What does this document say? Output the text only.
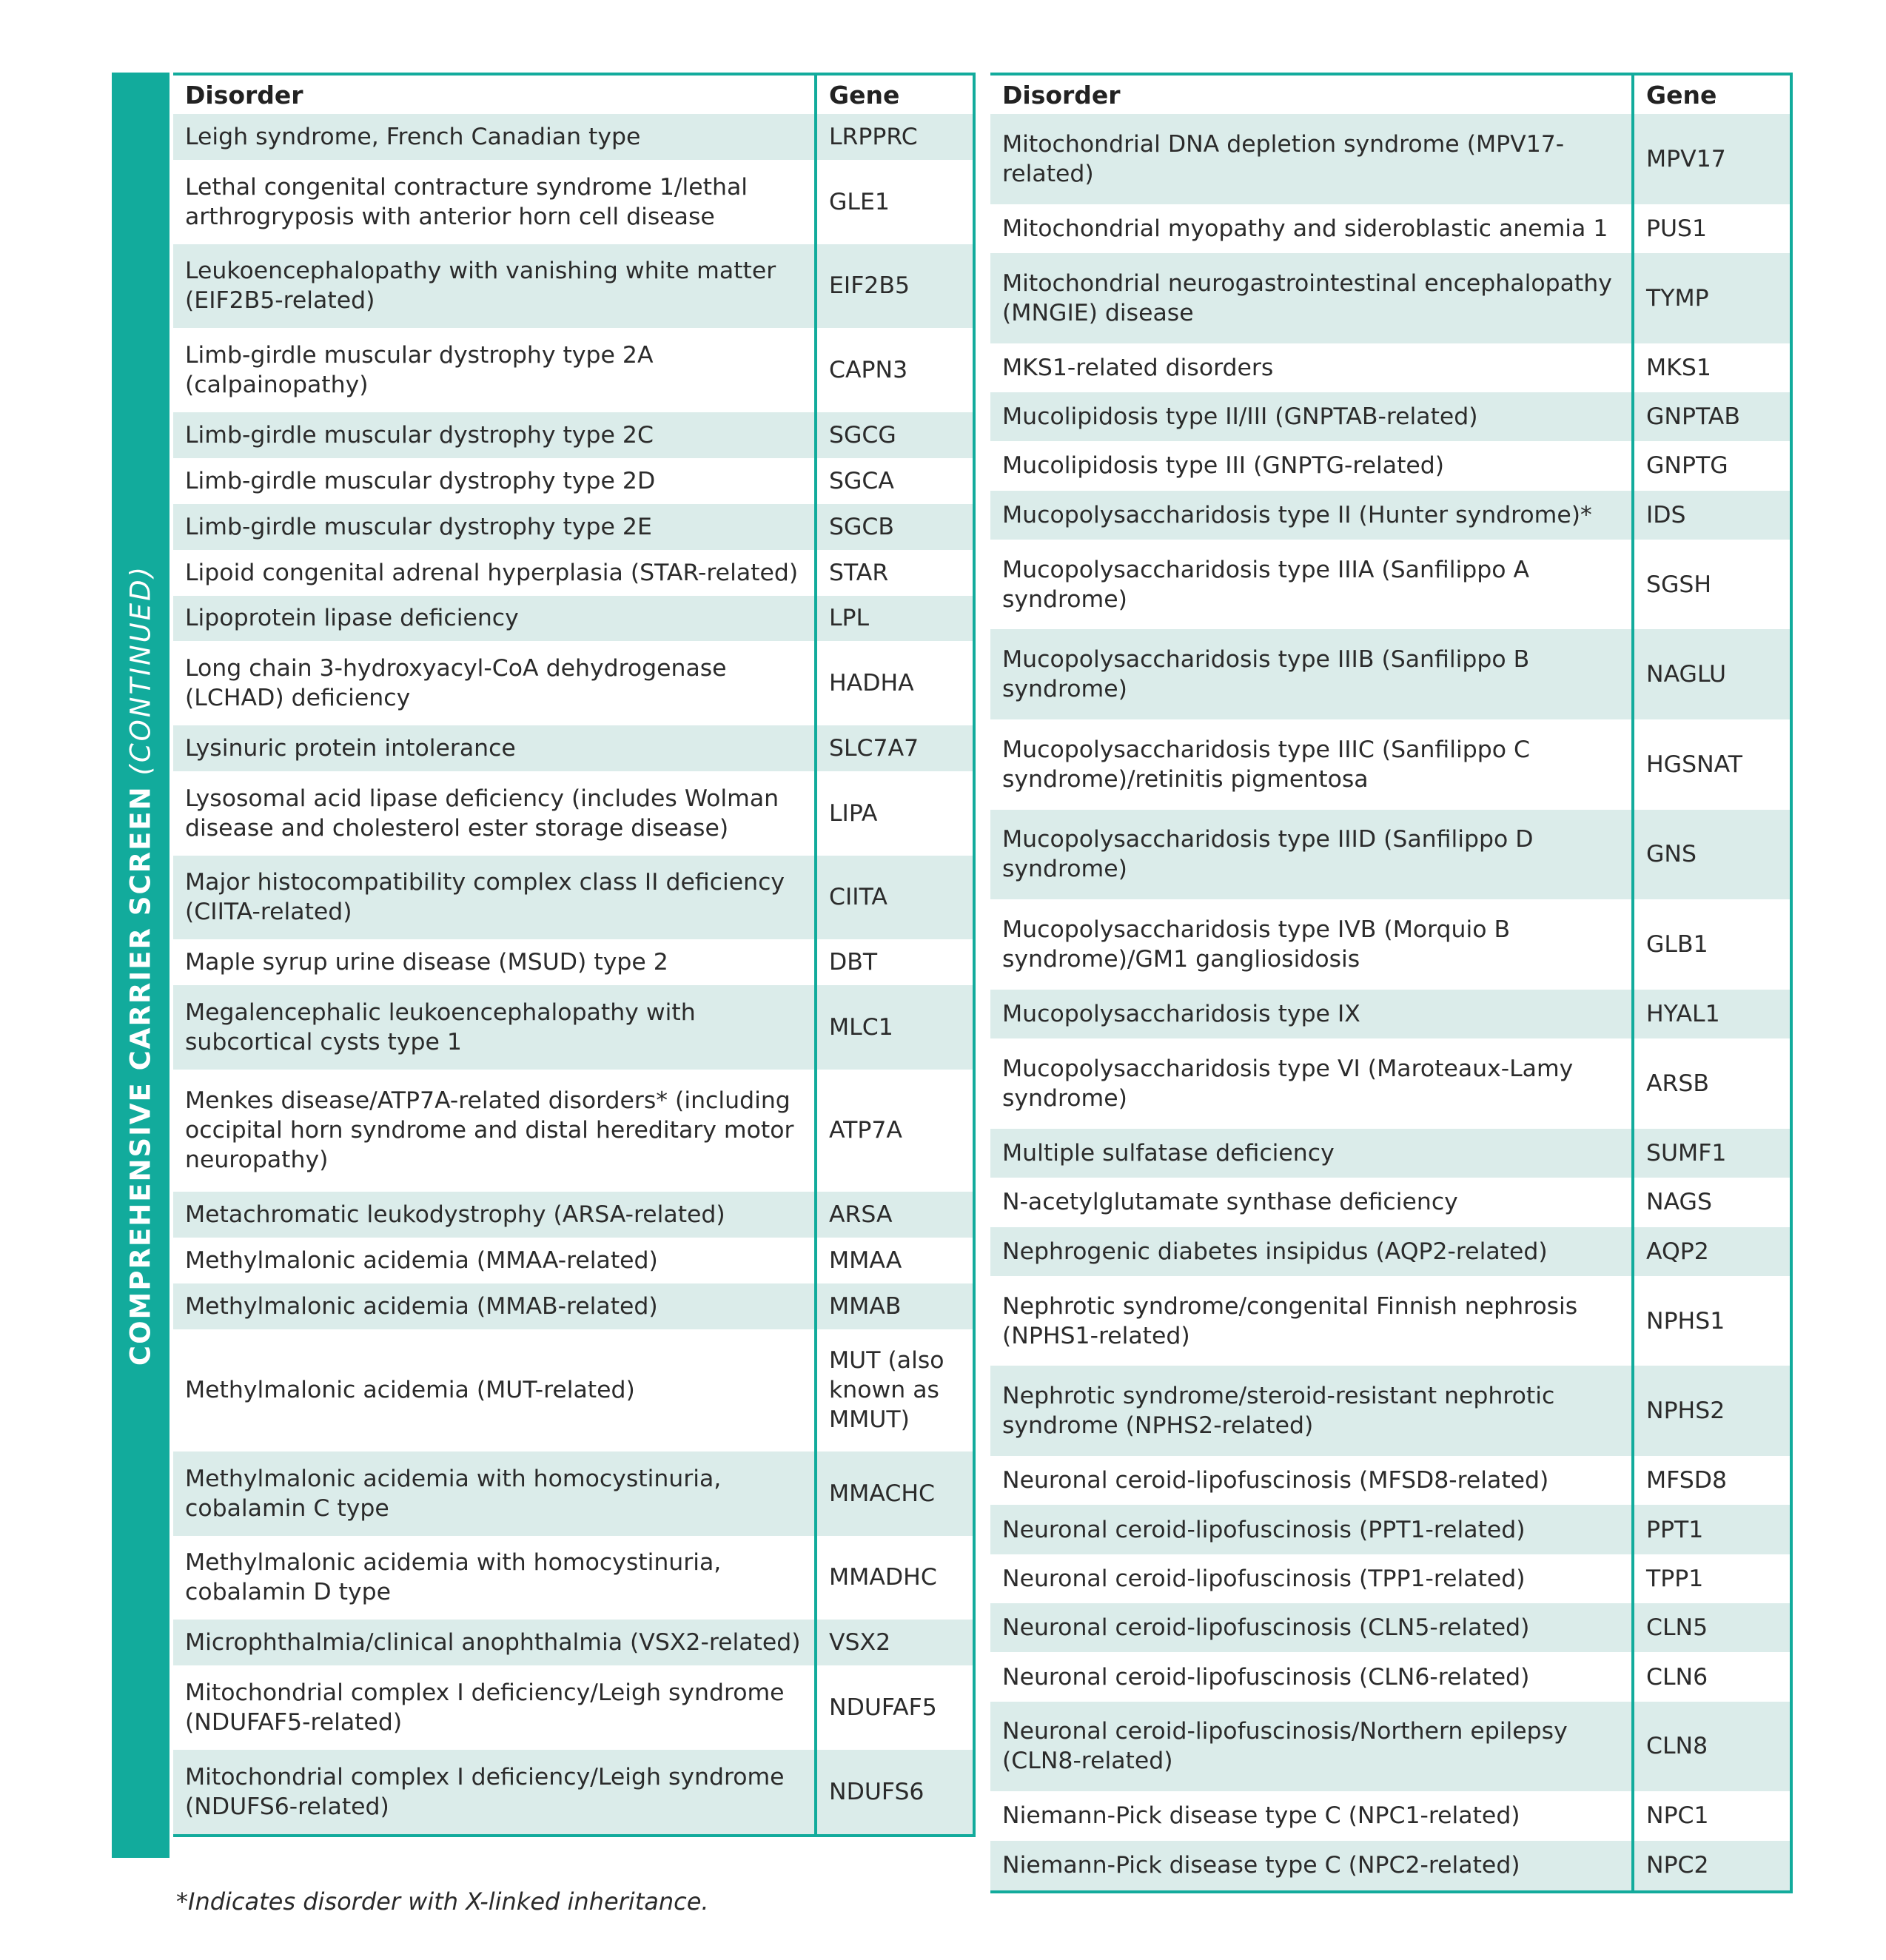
COMPREHENSIVE CARRIER SCREEN (CONTINUED)
Disorder	Gene
Leigh syndrome, French Canadian type	LRPPRC
Lethal congenital contracture syndrome 1/lethal arthrogryposis with anterior horn cell disease	GLE1
Leukoencephalopathy with vanishing white matter (EIF2B5-related)	EIF2B5
Limb-girdle muscular dystrophy type 2A (calpainopathy)	CAPN3
Limb-girdle muscular dystrophy type 2C	SGCG
Limb-girdle muscular dystrophy type 2D	SGCA
Limb-girdle muscular dystrophy type 2E	SGCB
Lipoid congenital adrenal hyperplasia (STAR-related)	STAR
Lipoprotein lipase deficiency	LPL
Long chain 3-hydroxyacyl-CoA dehydrogenase (LCHAD) deficiency	HADHA
Lysinuric protein intolerance	SLC7A7
Lysosomal acid lipase deficiency (includes Wolman disease and cholesterol ester storage disease)	LIPA
Major histocompatibility complex class II deficiency (CIITA-related)	CIITA
Maple syrup urine disease (MSUD) type 2	DBT
Megalencephalic leukoencephalopathy with subcortical cysts type 1	MLC1
Menkes disease/ATP7A-related disorders* (including occipital horn syndrome and distal hereditary motor neuropathy)	ATP7A
Metachromatic leukodystrophy (ARSA-related)	ARSA
Methylmalonic acidemia (MMAA-related)	MMAA
Methylmalonic acidemia (MMAB-related)	MMAB
Methylmalonic acidemia (MUT-related)	MUT (also known as MMUT)
Methylmalonic acidemia with homocystinuria, cobalamin C type	MMACHC
Methylmalonic acidemia with homocystinuria, cobalamin D type	MMADHC
Microphthalmia/clinical anophthalmia (VSX2-related)	VSX2
Mitochondrial complex I deficiency/Leigh syndrome (NDUFAF5-related)	NDUFAF5
Mitochondrial complex I deficiency/Leigh syndrome (NDUFS6-related)	NDUFS6
Disorder	Gene
Mitochondrial DNA depletion syndrome (MPV17-related)	MPV17
Mitochondrial myopathy and sideroblastic anemia 1	PUS1
Mitochondrial neurogastrointestinal encephalopathy (MNGIE) disease	TYMP
MKS1-related disorders	MKS1
Mucolipidosis type II/III (GNPTAB-related)	GNPTAB
Mucolipidosis type III (GNPTG-related)	GNPTG
Mucopolysaccharidosis type II (Hunter syndrome)*	IDS
Mucopolysaccharidosis type IIIA (Sanfilippo A syndrome)	SGSH
Mucopolysaccharidosis type IIIB (Sanfilippo B syndrome)	NAGLU
Mucopolysaccharidosis type IIIC (Sanfilippo C syndrome)/retinitis pigmentosa	HGSNAT
Mucopolysaccharidosis type IIID (Sanfilippo D syndrome)	GNS
Mucopolysaccharidosis type IVB (Morquio B syndrome)/GM1 gangliosidosis	GLB1
Mucopolysaccharidosis type IX	HYAL1
Mucopolysaccharidosis type VI (Maroteaux-Lamy syndrome)	ARSB
Multiple sulfatase deficiency	SUMF1
N-acetylglutamate synthase deficiency	NAGS
Nephrogenic diabetes insipidus (AQP2-related)	AQP2
Nephrotic syndrome/congenital Finnish nephrosis (NPHS1-related)	NPHS1
Nephrotic syndrome/steroid-resistant nephrotic syndrome (NPHS2-related)	NPHS2
Neuronal ceroid-lipofuscinosis (MFSD8-related)	MFSD8
Neuronal ceroid-lipofuscinosis (PPT1-related)	PPT1
Neuronal ceroid-lipofuscinosis (TPP1-related)	TPP1
Neuronal ceroid-lipofuscinosis (CLN5-related)	CLN5
Neuronal ceroid-lipofuscinosis (CLN6-related)	CLN6
Neuronal ceroid-lipofuscinosis/Northern epilepsy (CLN8-related)	CLN8
Niemann-Pick disease type C (NPC1-related)	NPC1
Niemann-Pick disease type C (NPC2-related)	NPC2
*Indicates disorder with X-linked inheritance.
